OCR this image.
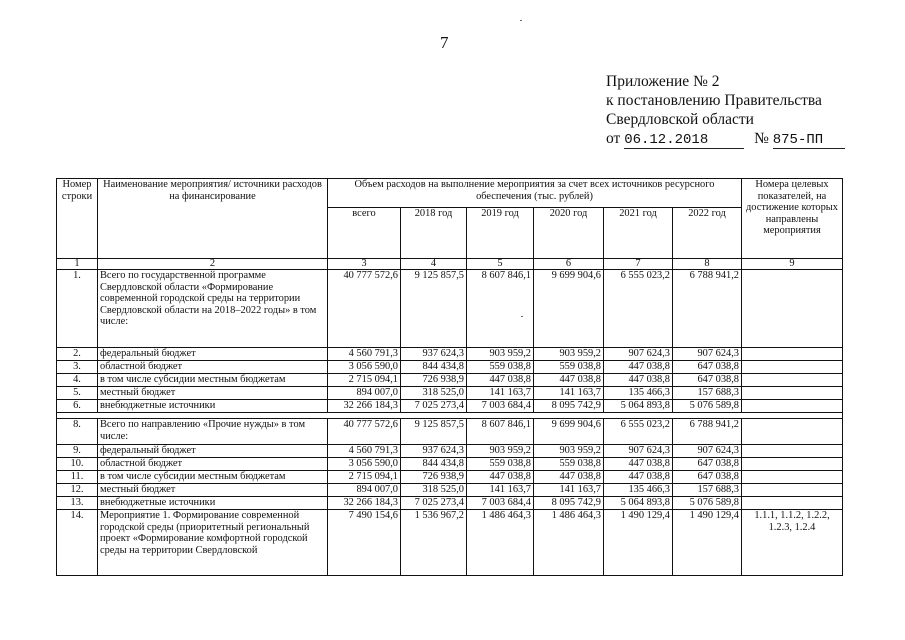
7
Приложение № 2
к постановлению Правительства
Свердловской области
от 06.12.2018	№ 875-ПП
Номер строки	Наименование мероприятия/ источники расходов на финансирование	Объем расходов на выполнение мероприятия за счет всех источников ресурсного обеспечения (тыс. рублей)						Номера целевых показателей, на достижение которых направлены мероприятия
		всего	2018 год	2019 год	2020 год	2021 год	2022 год	
1	2	3	4	5	6	7	8	9
1.	Всего по государственной программе Свердловской области «Формирование современной городской среды на территории Свердловской области на 2018–2022 годы» в том числе:	40 777 572,6	9 125 857,5	8 607 846,1	9 699 904,6	6 555 023,2	6 788 941,2	
2.	федеральный бюджет	4 560 791,3	937 624,3	903 959,2	903 959,2	907 624,3	907 624,3	
3.	областной бюджет	3 056 590,0	844 434,8	559 038,8	559 038,8	447 038,8	647 038,8	
4.	в том числе субсидии местным бюджетам	2 715 094,1	726 938,9	447 038,8	447 038,8	447 038,8	647 038,8	
5.	местный бюджет	894 007,0	318 525,0	141 163,7	141 163,7	135 466,3	157 688,3	
6.	внебюджетные источники	32 266 184,3	7 025 273,4	7 003 684,4	8 095 742,9	5 064 893,8	5 076 589,8	

8.	Всего по направлению «Прочие нужды» в том числе:	40 777 572,6	9 125 857,5	8 607 846,1	9 699 904,6	6 555 023,2	6 788 941,2	
9.	федеральный бюджет	4 560 791,3	937 624,3	903 959,2	903 959,2	907 624,3	907 624,3	
10.	областной бюджет	3 056 590,0	844 434,8	559 038,8	559 038,8	447 038,8	647 038,8	
11.	в том числе субсидии местным бюджетам	2 715 094,1	726 938,9	447 038,8	447 038,8	447 038,8	647 038,8	
12.	местный бюджет	894 007,0	318 525,0	141 163,7	141 163,7	135 466,3	157 688,3	
13.	внебюджетные источники	32 266 184,3	7 025 273,4	7 003 684,4	8 095 742,9	5 064 893,8	5 076 589,8	
14.	Мероприятие 1. Формирование современной городской среды (приоритетный региональный проект «Формирование комфортной городской среды на территории Свердловской	7 490 154,6	1 536 967,2	1 486 464,3	1 486 464,3	1 490 129,4	1 490 129,4	1.1.1, 1.1.2, 1.2.2, 1.2.3, 1.2.4
